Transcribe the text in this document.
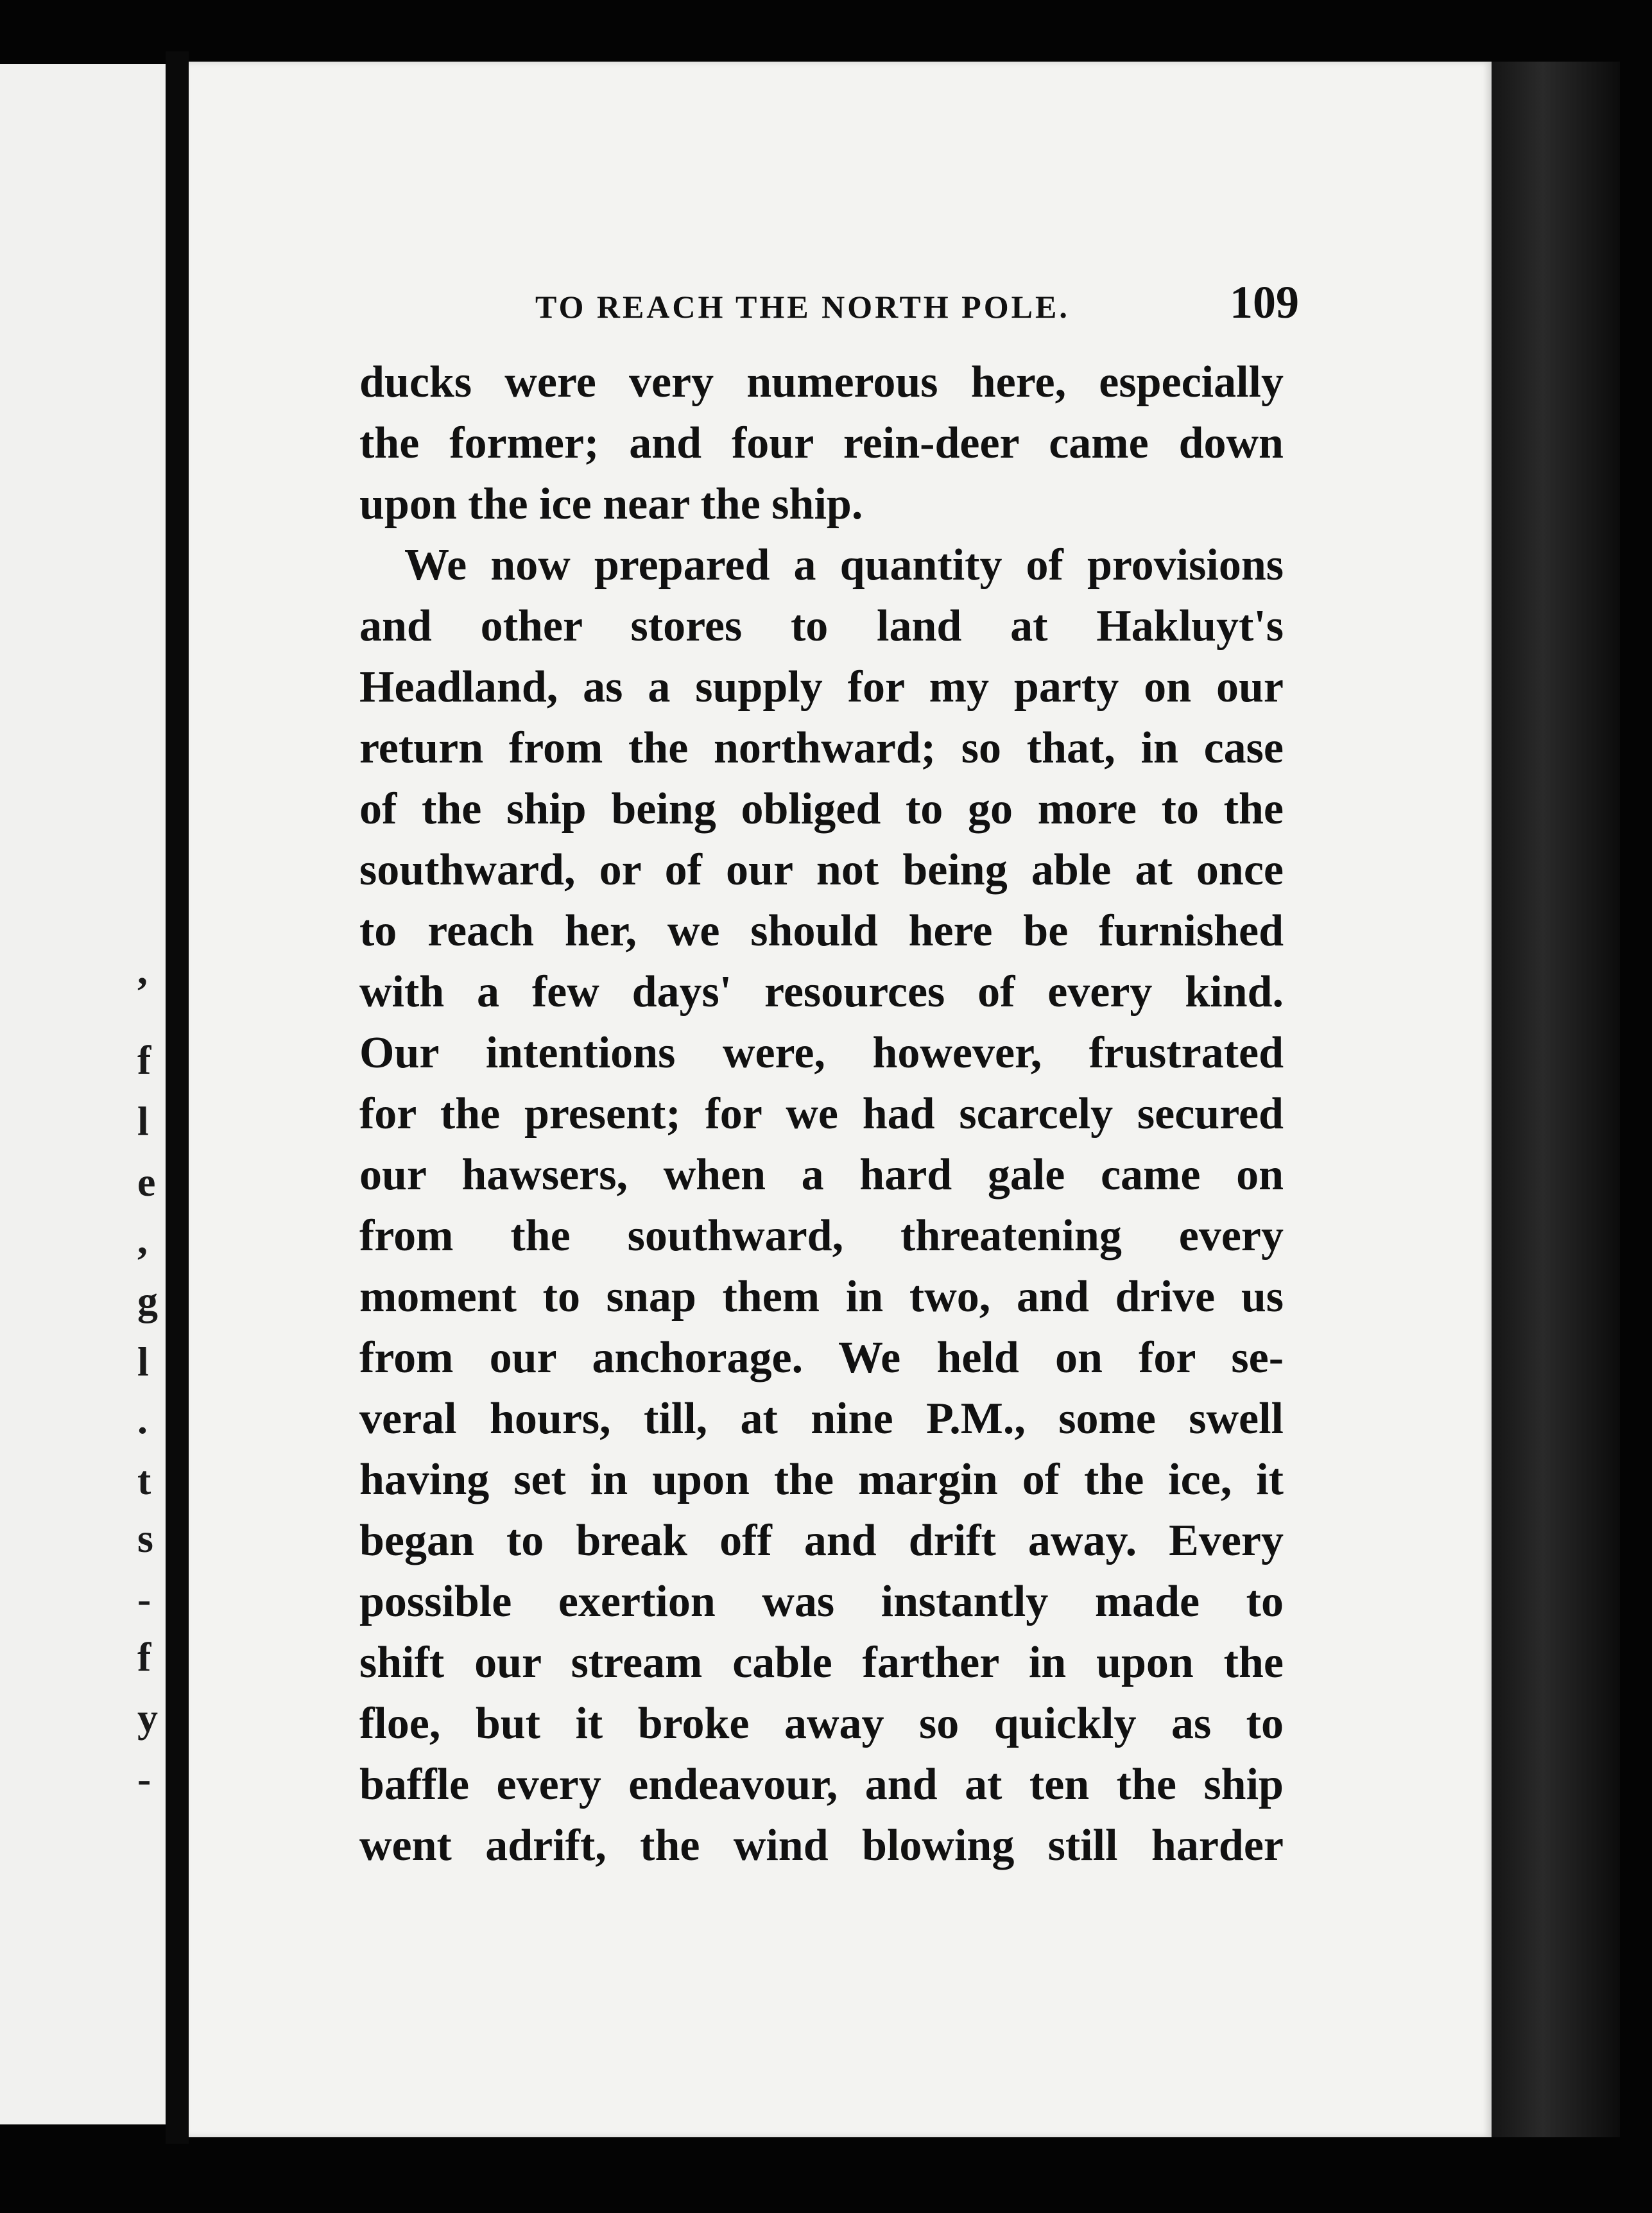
,
f
l
e
,
g
l
.
t
s
-
f
y
-
TO REACH THE NORTH POLE.	109
ducks were very numerous here, especially
the former; and four rein-deer came down
upon the ice near the ship.
We now prepared a quantity of provisions
and other stores to land at Hakluyt's
Headland, as a supply for my party on our
return from the northward; so that, in case
of the ship being obliged to go more to the
southward, or of our not being able at once
to reach her, we should here be furnished
with a few days' resources of every kind.
Our intentions were, however, frustrated
for the present; for we had scarcely secured
our hawsers, when a hard gale came on
from the southward, threatening every
moment to snap them in two, and drive us
from our anchorage. We held on for se-
veral hours, till, at nine P.M., some swell
having set in upon the margin of the ice, it
began to break off and drift away. Every
possible exertion was instantly made to
shift our stream cable farther in upon the
floe, but it broke away so quickly as to
baffle every endeavour, and at ten the ship
went adrift, the wind blowing still harder
